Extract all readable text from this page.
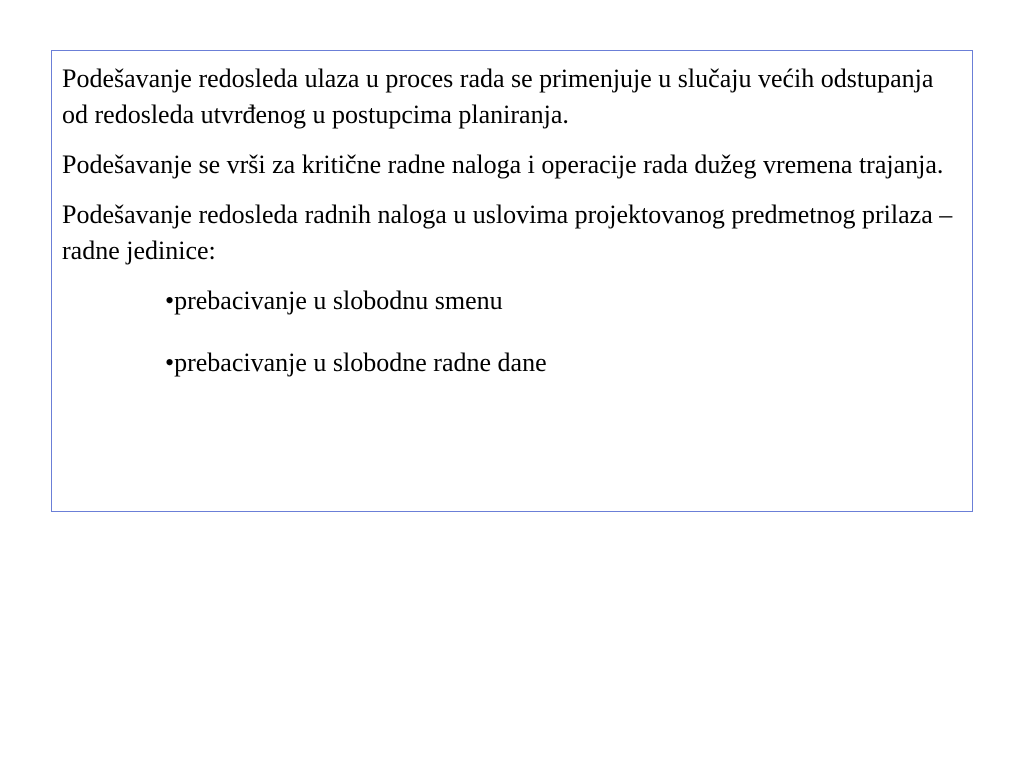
Podešavanje redosleda ulaza u proces rada se primenjuje u slučaju većih odstupanja od redosleda utvrđenog u postupcima planiranja.

Podešavanje se vrši za kritične radne naloga i operacije rada dužeg vremena trajanja.

Podešavanje redosleda radnih naloga u uslovima projektovanog predmetnog prilaza – radne jedinice:

•prebacivanje u slobodnu smenu

•prebacivanje u slobodne radne dane
